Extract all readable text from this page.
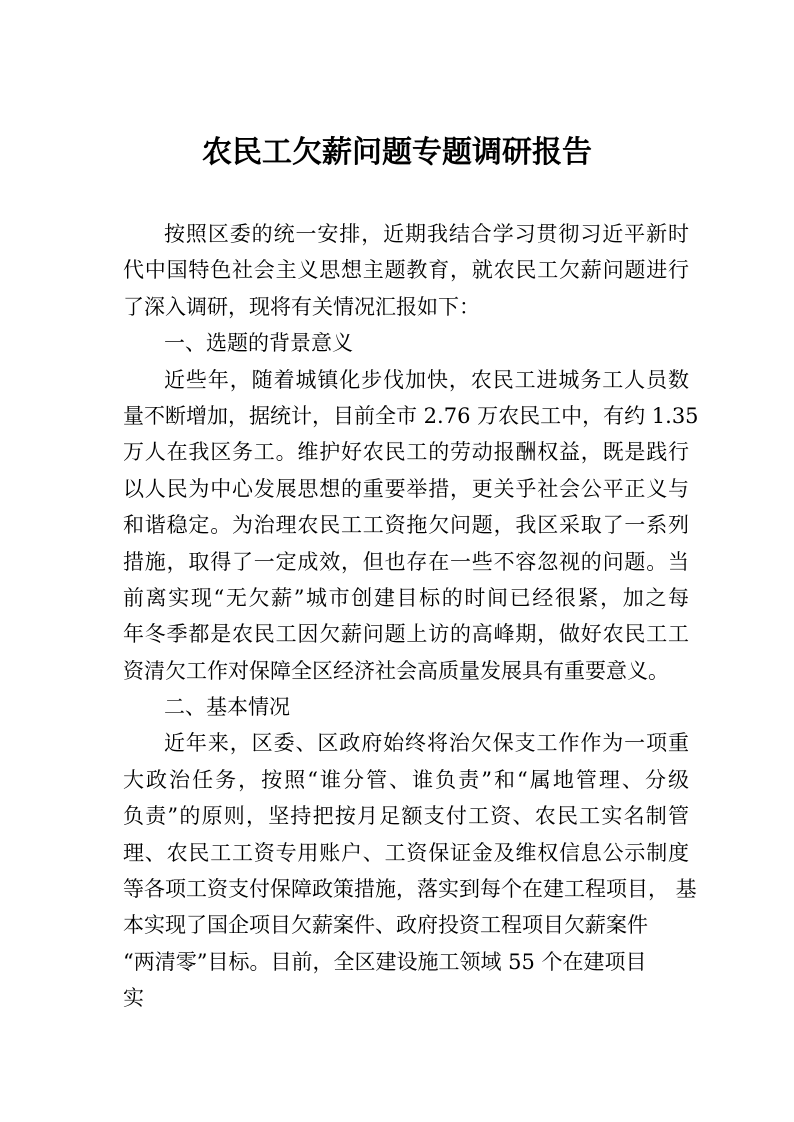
农民工欠薪问题专题调研报告
按照区委的统一安排，近期我结合学习贯彻习近平新时
代中国特色社会主义思想主题教育，就农民工欠薪问题进行
了深入调研，现将有关情况汇报如下：
一、选题的背景意义
近些年，随着城镇化步伐加快，农民工进城务工人员数
量不断增加，据统计，目前全市 2.76 万农民工中，有约 1.35
万人在我区务工。维护好农民工的劳动报酬权益，既是践行
以人民为中心发展思想的重要举措，更关乎社会公平正义与
和谐稳定。为治理农民工工资拖欠问题，我区采取了一系列
措施，取得了一定成效，但也存在一些不容忽视的问题。当
前离实现“无欠薪”城市创建目标的时间已经很紧，加之每
年冬季都是农民工因欠薪问题上访的高峰期，做好农民工工
资清欠工作对保障全区经济社会高质量发展具有重要意义。
二、基本情况
近年来，区委、区政府始终将治欠保支工作作为一项重
大政治任务，按照“谁分管、谁负责”和“属地管理、分级
负责”的原则，坚持把按月足额支付工资、农民工实名制管
理、农民工工资专用账户、工资保证金及维权信息公示制度
等各项工资支付保障政策措施，落实到每个在建工程项目， 基
本实现了国企项目欠薪案件、政府投资工程项目欠薪案件
“两清零”目标。目前，全区建设施工领域 55 个在建项目
实
